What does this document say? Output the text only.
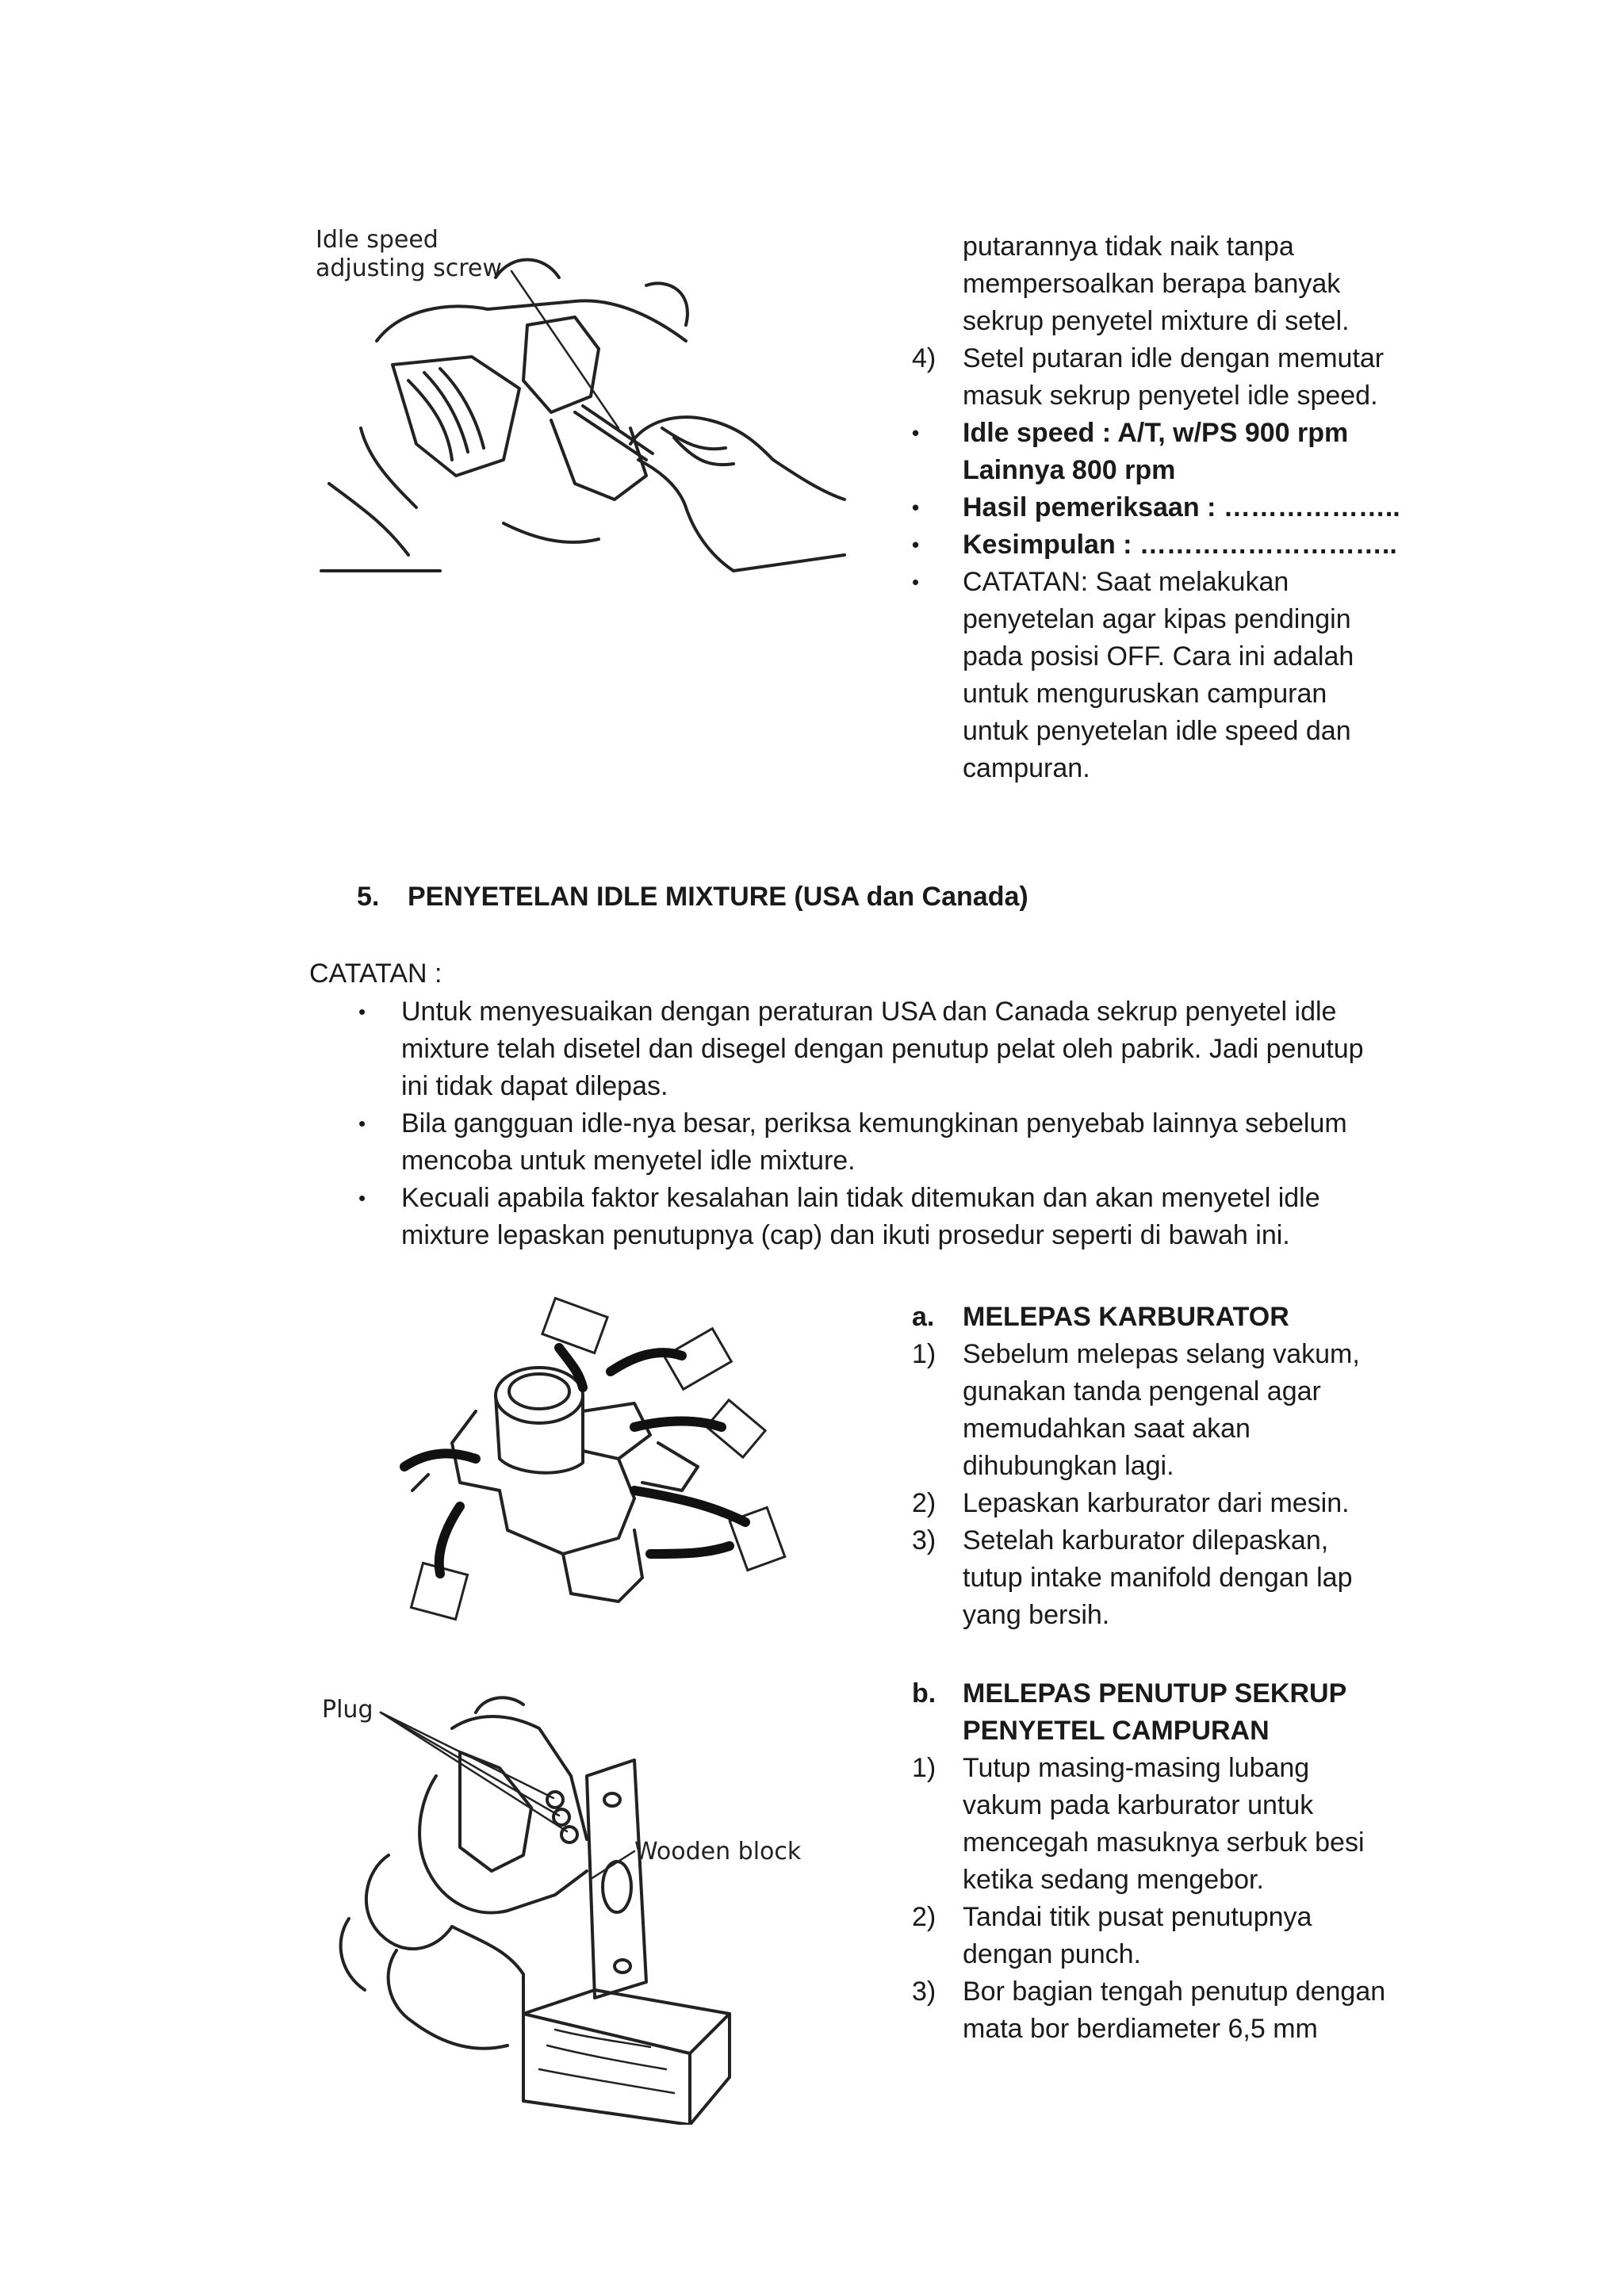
Idle speed
adjusting screw
putarannya tidak naik tanpa
mempersoalkan berapa banyak
sekrup penyetel mixture di setel.
4) Setel putaran idle dengan memutar
masuk sekrup penyetel idle speed.
• Idle speed : A/T, w/PS 900 rpm
Lainnya 800 rpm
• Hasil pemeriksaan : ………………..
• Kesimpulan : ………………………..
• CATATAN: Saat melakukan
penyetelan agar kipas pendingin
pada posisi OFF. Cara ini adalah
untuk menguruskan campuran
untuk penyetelan idle speed dan
campuran.
5. PENYETELAN IDLE MIXTURE (USA dan Canada)
CATATAN :
• Untuk menyesuaikan dengan peraturan USA dan Canada sekrup penyetel idle
mixture telah disetel dan disegel dengan penutup pelat oleh pabrik. Jadi penutup
ini tidak dapat dilepas.
• Bila gangguan idle-nya besar, periksa kemungkinan penyebab lainnya sebelum
mencoba untuk menyetel idle mixture.
• Kecuali apabila faktor kesalahan lain tidak ditemukan dan akan menyetel idle
mixture lepaskan penutupnya (cap) dan ikuti prosedur seperti di bawah ini.
a. MELEPAS KARBURATOR
1) Sebelum melepas selang vakum,
gunakan tanda pengenal agar
memudahkan saat akan
dihubungkan lagi.
2) Lepaskan karburator dari mesin.
3) Setelah karburator dilepaskan,
tutup intake manifold dengan lap
yang bersih.
Plug
Wooden block
b. MELEPAS PENUTUP SEKRUP
PENYETEL CAMPURAN
1) Tutup masing-masing lubang
vakum pada karburator untuk
mencegah masuknya serbuk besi
ketika sedang mengebor.
2) Tandai titik pusat penutupnya
dengan punch.
3) Bor bagian tengah penutup dengan
mata bor berdiameter 6,5 mm
